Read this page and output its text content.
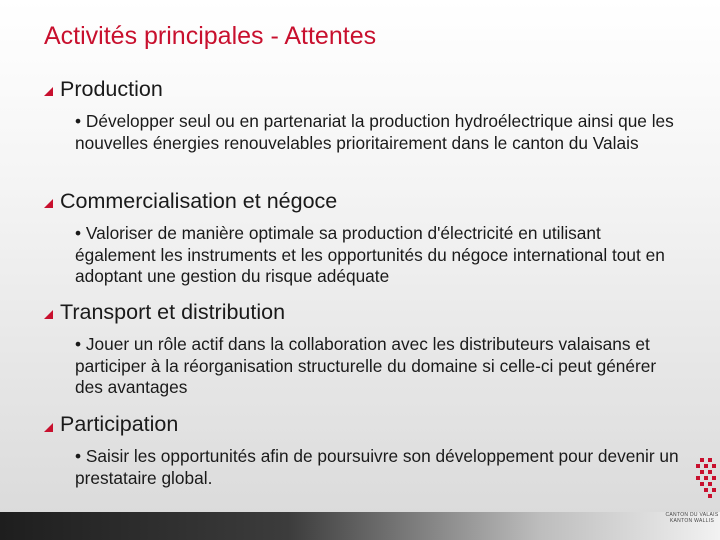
Activités principales - Attentes
Production
• Développer seul ou en partenariat la production hydroélectrique ainsi que les nouvelles énergies renouvelables prioritairement dans le canton du Valais
Commercialisation et négoce
• Valoriser de manière optimale sa production d'électricité en utilisant également les instruments et les opportunités du négoce international tout en adoptant une gestion du risque adéquate
Transport et distribution
• Jouer un rôle actif dans la collaboration avec les distributeurs valaisans et participer à la réorganisation structurelle du domaine si celle-ci peut générer des avantages
Participation
• Saisir les opportunités afin de poursuivre son développement pour devenir un prestataire global.
CANTON DU VALAIS
KANTON WALLIS
